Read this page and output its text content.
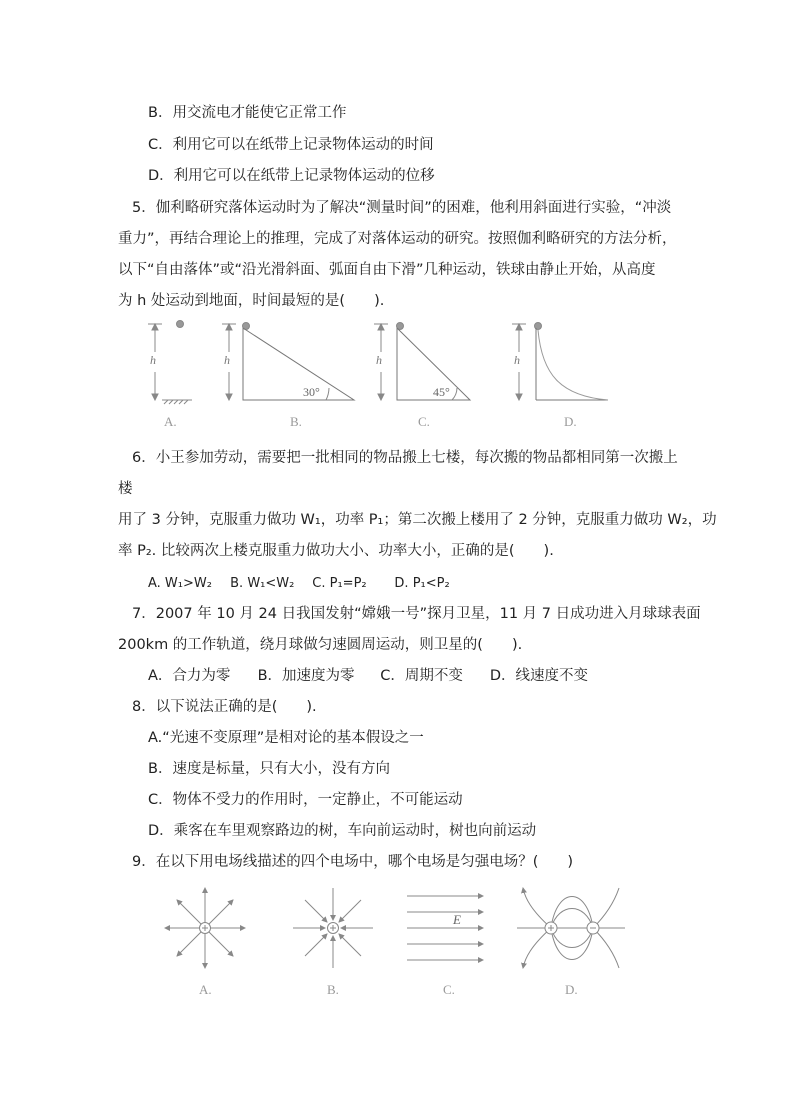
B．用交流电才能使它正常工作
C．利用它可以在纸带上记录物体运动的时间
D．利用它可以在纸带上记录物体运动的位移
5．伽利略研究落体运动时为了解决“测量时间”的困难，他利用斜面进行实验，“冲淡
重力”，再结合理论上的推理，完成了对落体运动的研究。按照伽利略研究的方法分析，
以下“自由落体”或“沿光滑斜面、弧面自由下滑”几种运动，铁球由静止开始，从高度
为 h 处运动到地面，时间最短的是(　　).
h	h
30°
h
45°
h
A.	B.	C.	D.
6．小王参加劳动，需要把一批相同的物品搬上七楼，每次搬的物品都相同第一次搬上
楼
用了 3 分钟，克服重力做功 W₁，功率 P₁；第二次搬上楼用了 2 分钟，克服重力做功 W₂，功
率 P₂. 比较两次上楼克服重力做功大小、功率大小，正确的是(　　).
A. W₁>W₂ B. W₁<W₂ C. P₁=P₂ D. P₁<P₂
7．2007 年 10 月 24 日我国发射“嫦娥一号”探月卫星，11 月 7 日成功进入月球球表面
200km 的工作轨道，绕月球做匀速圆周运动，则卫星的(　　).
A．合力为零 B．加速度为零 C．周期不变 D．线速度不变
8．以下说法正确的是(　　).
A.“光速不变原理”是相对论的基本假设之一
B．速度是标量，只有大小，没有方向
C．物体不受力的作用时，一定静止，不可能运动
D．乘客在车里观察路边的树，车向前运动时，树也向前运动
9．在以下用电场线描述的四个电场中，哪个电场是匀强电场？(　　)
E
A.	B.	C.	D.
